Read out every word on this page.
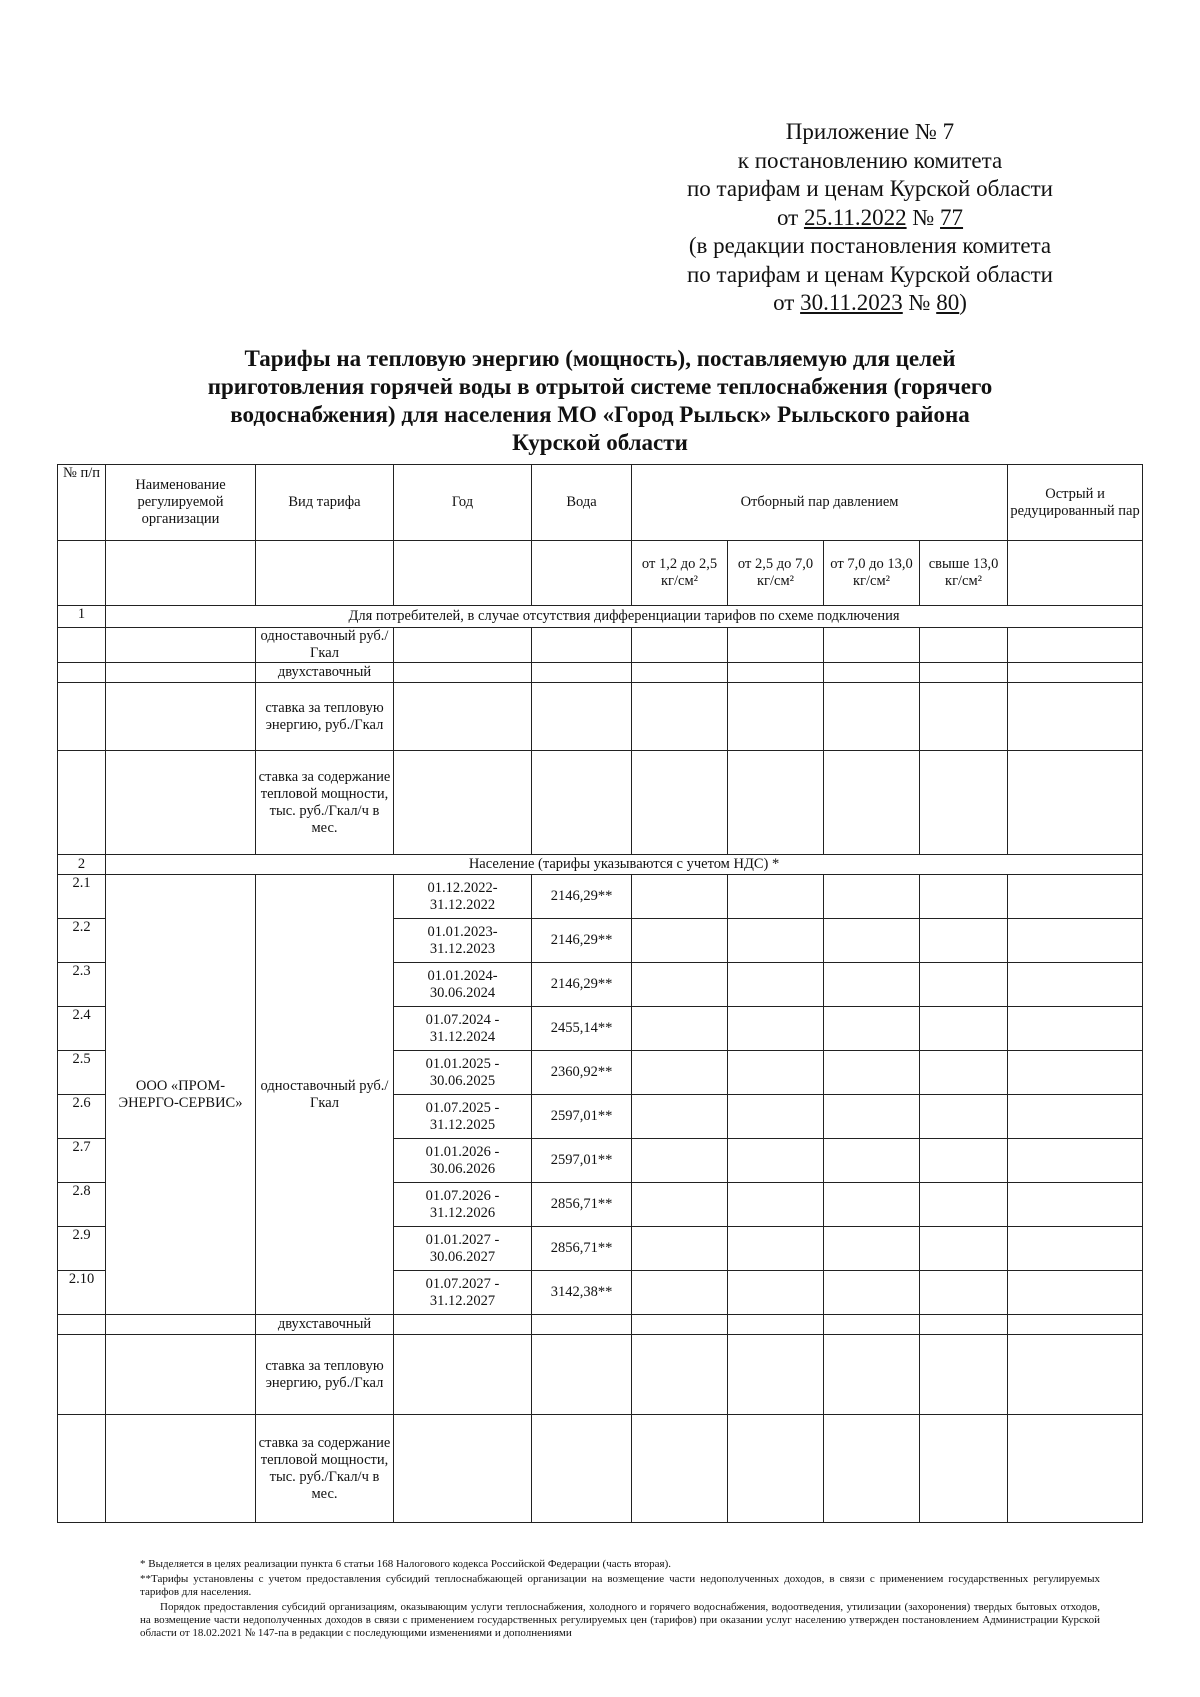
Приложение № 7
к постановлению комитета
по тарифам и ценам Курской области
от 25.11.2022 № 77
(в редакции постановления комитета
по тарифам и ценам Курской области
от 30.11.2023 № 80)
Тарифы на тепловую энергию (мощность), поставляемую для целей
приготовления горячей воды в отрытой системе теплоснабжения (горячего
водоснабжения) для населения МО «Город Рыльск» Рыльского района
Курской области
№ п/п	Наименование регулируемой организации	Вид тарифа	Год	Вода	Отборный пар давлением				Острый и редуцированный пар
					от 1,2 до 2,5 кг/см²	от 2,5 до 7,0 кг/см²	от 7,0 до 13,0 кг/см²	свыше 13,0 кг/см²	
1	Для потребителей, в случае отсутствия дифференциации тарифов по схеме подключения								
		одноставочный руб./Гкал							
		двухставочный							
		ставка за тепловую энергию, руб./Гкал							
		ставка за содержание тепловой мощности, тыс. руб./Гкал/ч в мес.							
2	Население (тарифы указываются с учетом НДС) *								
2.1	ООО «ПРОМ-ЭНЕРГО-СЕРВИС»	одноставочный руб./Гкал	01.12.2022-31.12.2022	2146,29**					
2.2			01.01.2023-31.12.2023	2146,29**					
2.3			01.01.2024-30.06.2024	2146,29**					
2.4			01.07.2024 - 31.12.2024	2455,14**					
2.5			01.01.2025 - 30.06.2025	2360,92**					
2.6			01.07.2025 - 31.12.2025	2597,01**					
2.7			01.01.2026 - 30.06.2026	2597,01**					
2.8			01.07.2026 - 31.12.2026	2856,71**					
2.9			01.01.2027 - 30.06.2027	2856,71**					
2.10			01.07.2027 - 31.12.2027	3142,38**					
		двухставочный							
		ставка за тепловую энергию, руб./Гкал							
		ставка за содержание тепловой мощности, тыс. руб./Гкал/ч в мес.							
* Выделяется в целях реализации пункта 6 статьи 168 Налогового кодекса Российской Федерации (часть вторая).
**Тарифы установлены с учетом предоставления субсидий теплоснабжающей организации на возмещение части недополученных доходов, в связи с применением государственных регулируемых тарифов для населения.
Порядок предоставления субсидий организациям, оказывающим услуги теплоснабжения, холодного и горячего водоснабжения, водоотведения, утилизации (захоронения) твердых бытовых отходов, на возмещение части недополученных доходов в связи с применением государственных регулируемых цен (тарифов) при оказании услуг населению утвержден постановлением Администрации Курской области от 18.02.2021 № 147-па в редакции с последующими изменениями и дополнениями
